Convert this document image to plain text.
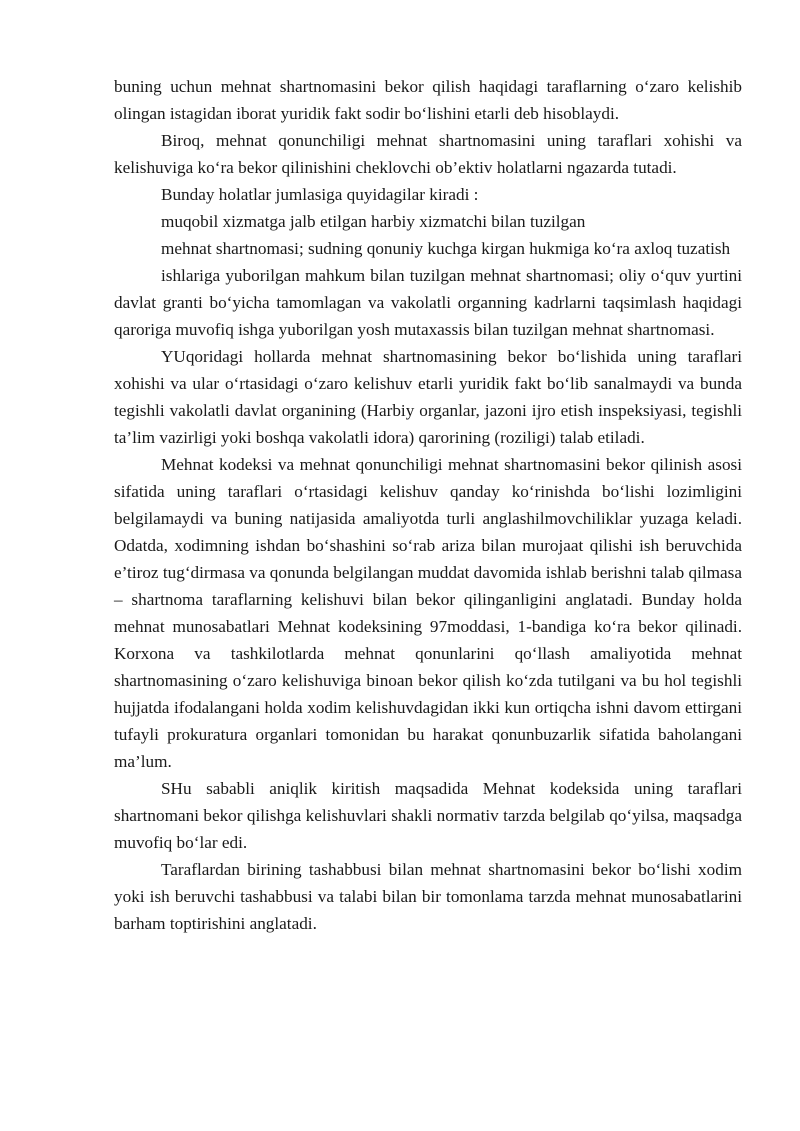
buning uchun mehnat shartnomasini bekor qilish haqidagi taraflarning o‘zaro kelishib olingan istagidan iborat yuridik fakt sodir bo‘lishini etarli deb hisoblaydi.

Biroq, mehnat qonunchiligi mehnat shartnomasini uning taraflari xohishi va kelishuviga ko‘ra bekor qilinishini cheklovchi ob’ektiv holatlarni ngazarda tutadi.

Bunday holatlar jumlasiga quyidagilar kiradi :

muqobil xizmatga jalb etilgan harbiy xizmatchi bilan tuzilgan

mehnat shartnomasi; sudning qonuniy kuchga kirgan hukmiga ko‘ra axloq tuzatish

ishlariga yuborilgan mahkum bilan tuzilgan mehnat shartnomasi; oliy o‘quv yurtini davlat granti bo‘yicha tamomlagan va vakolatli organning kadrlarni taqsimlash haqidagi qaroriga muvofiq ishga yuborilgan yosh mutaxassis bilan tuzilgan mehnat shartnomasi.

YUqoridagi hollarda mehnat shartnomasining bekor bo‘lishida uning taraflari xohishi va ular o‘rtasidagi o‘zaro kelishuv etarli yuridik fakt bo‘lib sanalmaydi va bunda tegishli vakolatli davlat organining (Harbiy organlar, jazoni ijro etish inspeksiyasi, tegishli ta’lim vazirligi yoki boshqa vakolatli idora) qarorining (roziligi) talab etiladi.

Mehnat kodeksi va mehnat qonunchiligi mehnat shartnomasini bekor qilinish asosi sifatida uning taraflari o‘rtasidagi kelishuv qanday ko‘rinishda bo‘lishi lozimligini belgilamaydi va buning natijasida amaliyotda turli anglashilmovchiliklar yuzaga keladi. Odatda, xodimning ishdan bo‘shashini so‘rab ariza bilan murojaat qilishi ish beruvchida e’tiroz tug‘dirmasa va qonunda belgilangan muddat davomida ishlab berishni talab qilmasa – shartnoma taraflarning kelishuvi bilan bekor qilinganligini anglatadi. Bunday holda mehnat munosabatlari Mehnat kodeksining 97moddasi, 1-bandiga ko‘ra bekor qilinadi. Korxona va tashkilotlarda mehnat qonunlarini qo‘llash amaliyotida mehnat shartnomasining o‘zaro kelishuviga binoan bekor qilish ko‘zda tutilgani va bu hol tegishli hujjatda ifodalangani holda xodim kelishuvdagidan ikki kun ortiqcha ishni davom ettirgani tufayli prokuratura organlari tomonidan bu harakat qonunbuzarlik sifatida baholangani ma’lum.

SHu sababli aniqlik kiritish maqsadida Mehnat kodeksida uning taraflari shartnomani bekor qilishga kelishuvlari shakli normativ tarzda belgilab qo‘yilsa, maqsadga muvofiq bo‘lar edi.

Taraflardan birining tashabbusi bilan mehnat shartnomasini bekor bo‘lishi xodim yoki ish beruvchi tashabbusi va talabi bilan bir tomonlama tarzda mehnat munosabatlarini barham toptirishini anglatadi.
